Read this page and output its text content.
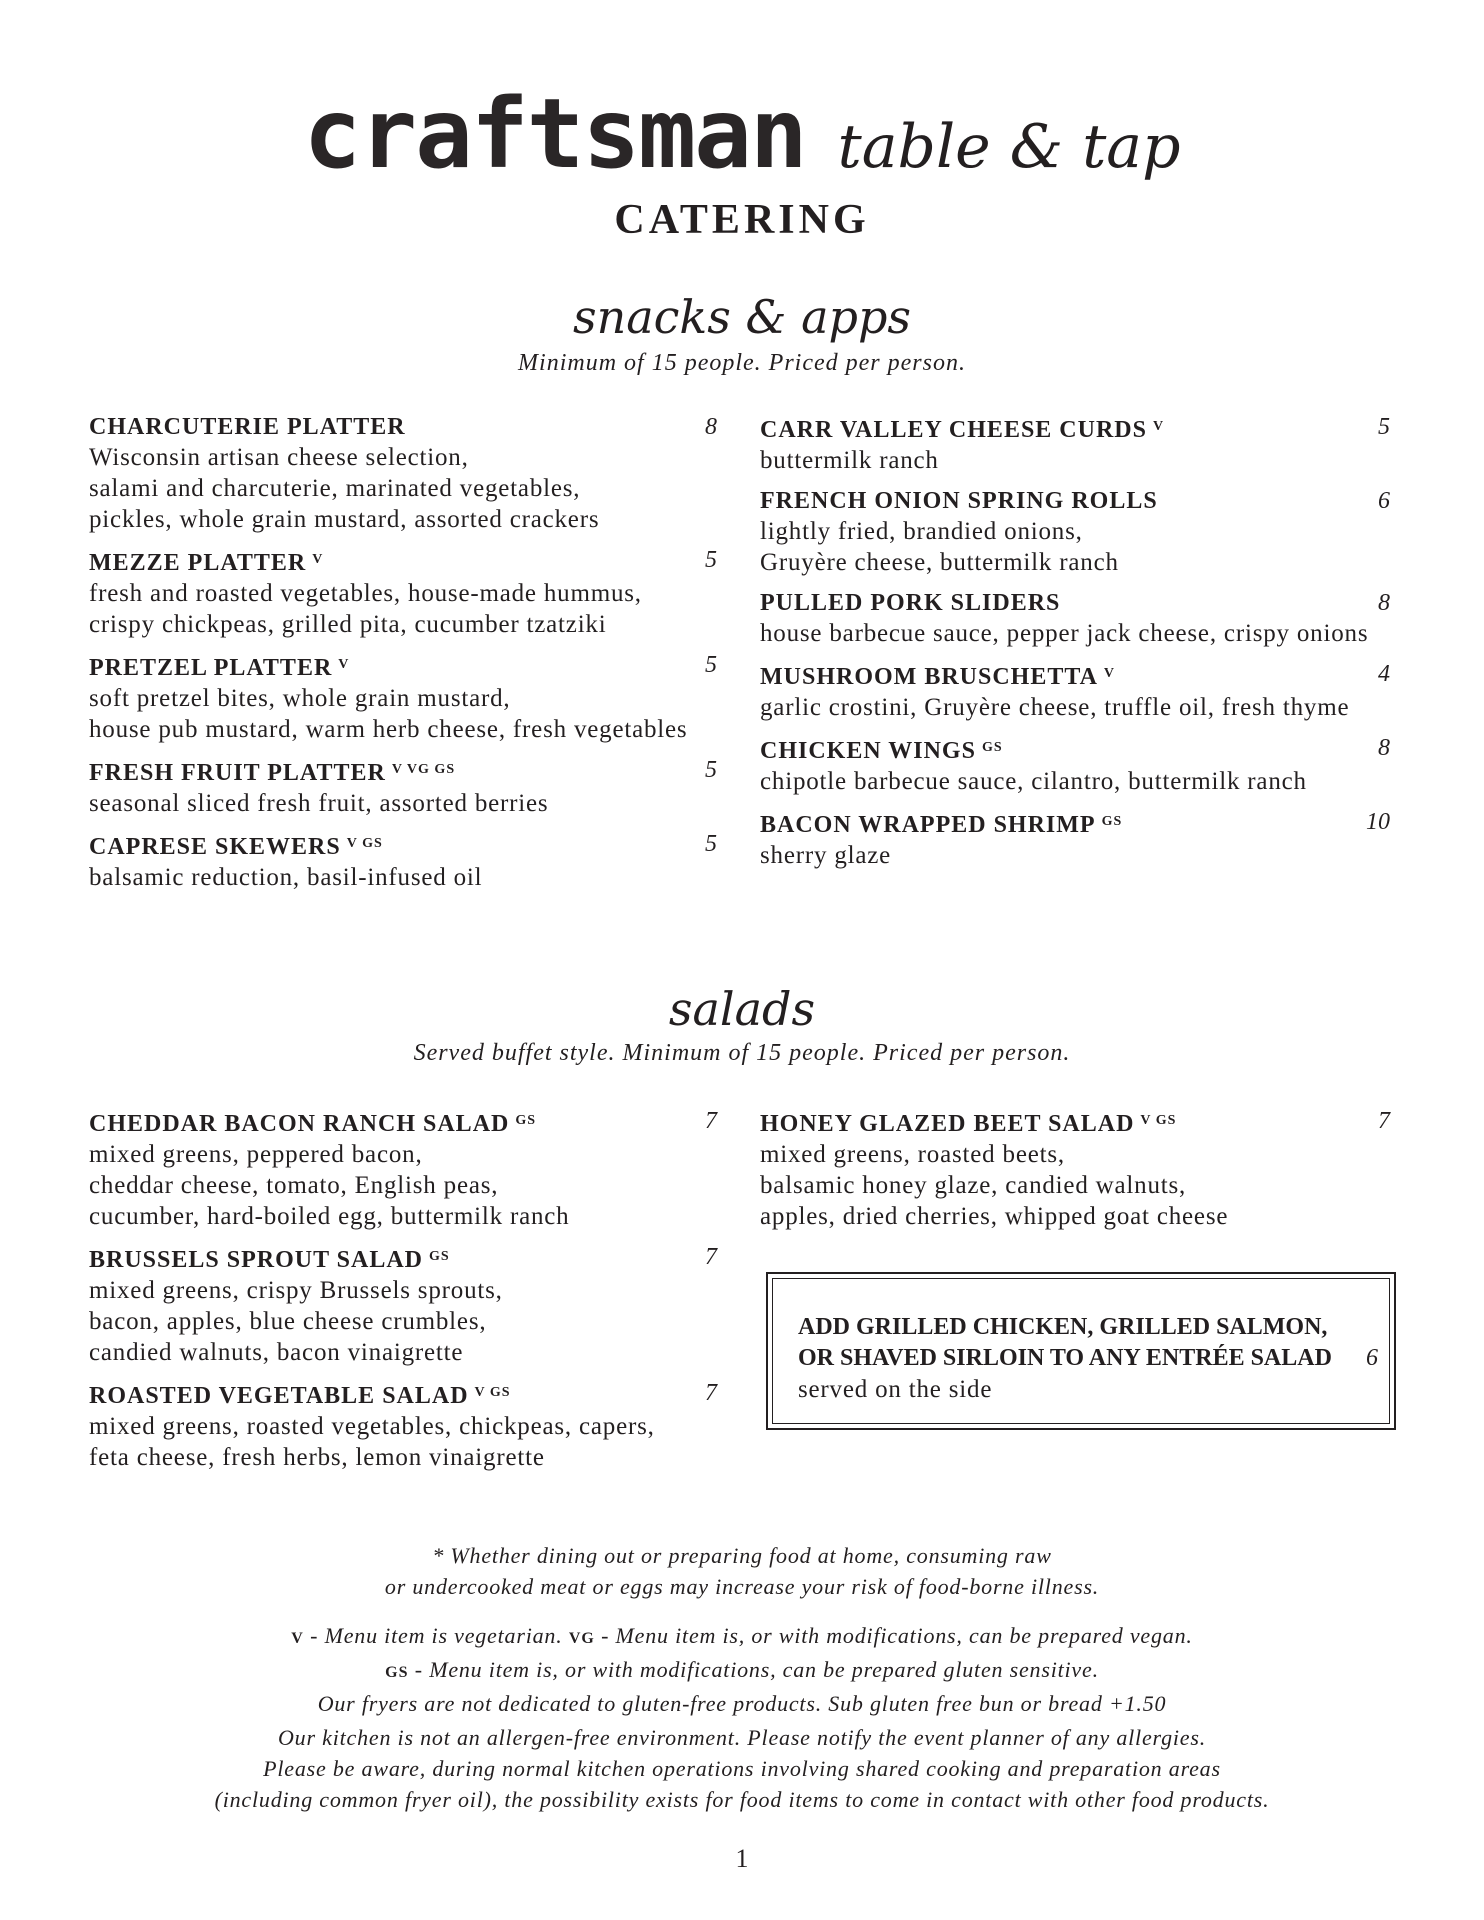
craftsman table & tap
CATERING
snacks & apps
Minimum of 15 people. Priced per person.
CHARCUTERIE PLATTER	8
Wisconsin artisan cheese selection,
salami and charcuterie, marinated vegetables,
pickles, whole grain mustard, assorted crackers
MEZZE PLATTER $^V$	5
fresh and roasted vegetables, house-made hummus,
crispy chickpeas, grilled pita, cucumber tzatziki
PRETZEL PLATTER $^V$	5
soft pretzel bites, whole grain mustard,
house pub mustard, warm herb cheese, fresh vegetables
FRESH FRUIT PLATTER $^{V VG GS}$	5
seasonal sliced fresh fruit, assorted berries
CAPRESE SKEWERS $^{V GS}$	5
balsamic reduction, basil-infused oil
CARR VALLEY CHEESE CURDS $^V$	5
buttermilk ranch
FRENCH ONION SPRING ROLLS	6
lightly fried, brandied onions,
Gruyère cheese, buttermilk ranch
PULLED PORK SLIDERS	8
house barbecue sauce, pepper jack cheese, crispy onions
MUSHROOM BRUSCHETTA $^V$	4
garlic crostini, Gruyère cheese, truffle oil, fresh thyme
CHICKEN WINGS $^{GS}$	8
chipotle barbecue sauce, cilantro, buttermilk ranch
BACON WRAPPED SHRIMP $^{GS}$	10
sherry glaze
salads
Served buffet style. Minimum of 15 people. Priced per person.
CHEDDAR BACON RANCH SALAD $^{GS}$	7
mixed greens, peppered bacon,
cheddar cheese, tomato, English peas,
cucumber, hard-boiled egg, buttermilk ranch
BRUSSELS SPROUT SALAD $^{GS}$	7
mixed greens, crispy Brussels sprouts,
bacon, apples, blue cheese crumbles,
candied walnuts, bacon vinaigrette
ROASTED VEGETABLE SALAD $^{V GS}$	7
mixed greens, roasted vegetables, chickpeas, capers,
feta cheese, fresh herbs, lemon vinaigrette
HONEY GLAZED BEET SALAD $^{V GS}$	7
mixed greens, roasted beets,
balsamic honey glaze, candied walnuts,
apples, dried cherries, whipped goat cheese
ADD GRILLED CHICKEN, GRILLED SALMON,
OR SHAVED SIRLOIN TO ANY ENTRÉE SALAD 6
served on the side
* Whether dining out or preparing food at home, consuming raw
or undercooked meat or eggs may increase your risk of food-borne illness.
V - Menu item is vegetarian. VG - Menu item is, or with modifications, can be prepared vegan.
GS - Menu item is, or with modifications, can be prepared gluten sensitive.
Our fryers are not dedicated to gluten-free products. Sub gluten free bun or bread +1.50
Our kitchen is not an allergen-free environment. Please notify the event planner of any allergies.
Please be aware, during normal kitchen operations involving shared cooking and preparation areas
(including common fryer oil), the possibility exists for food items to come in contact with other food products.
1
